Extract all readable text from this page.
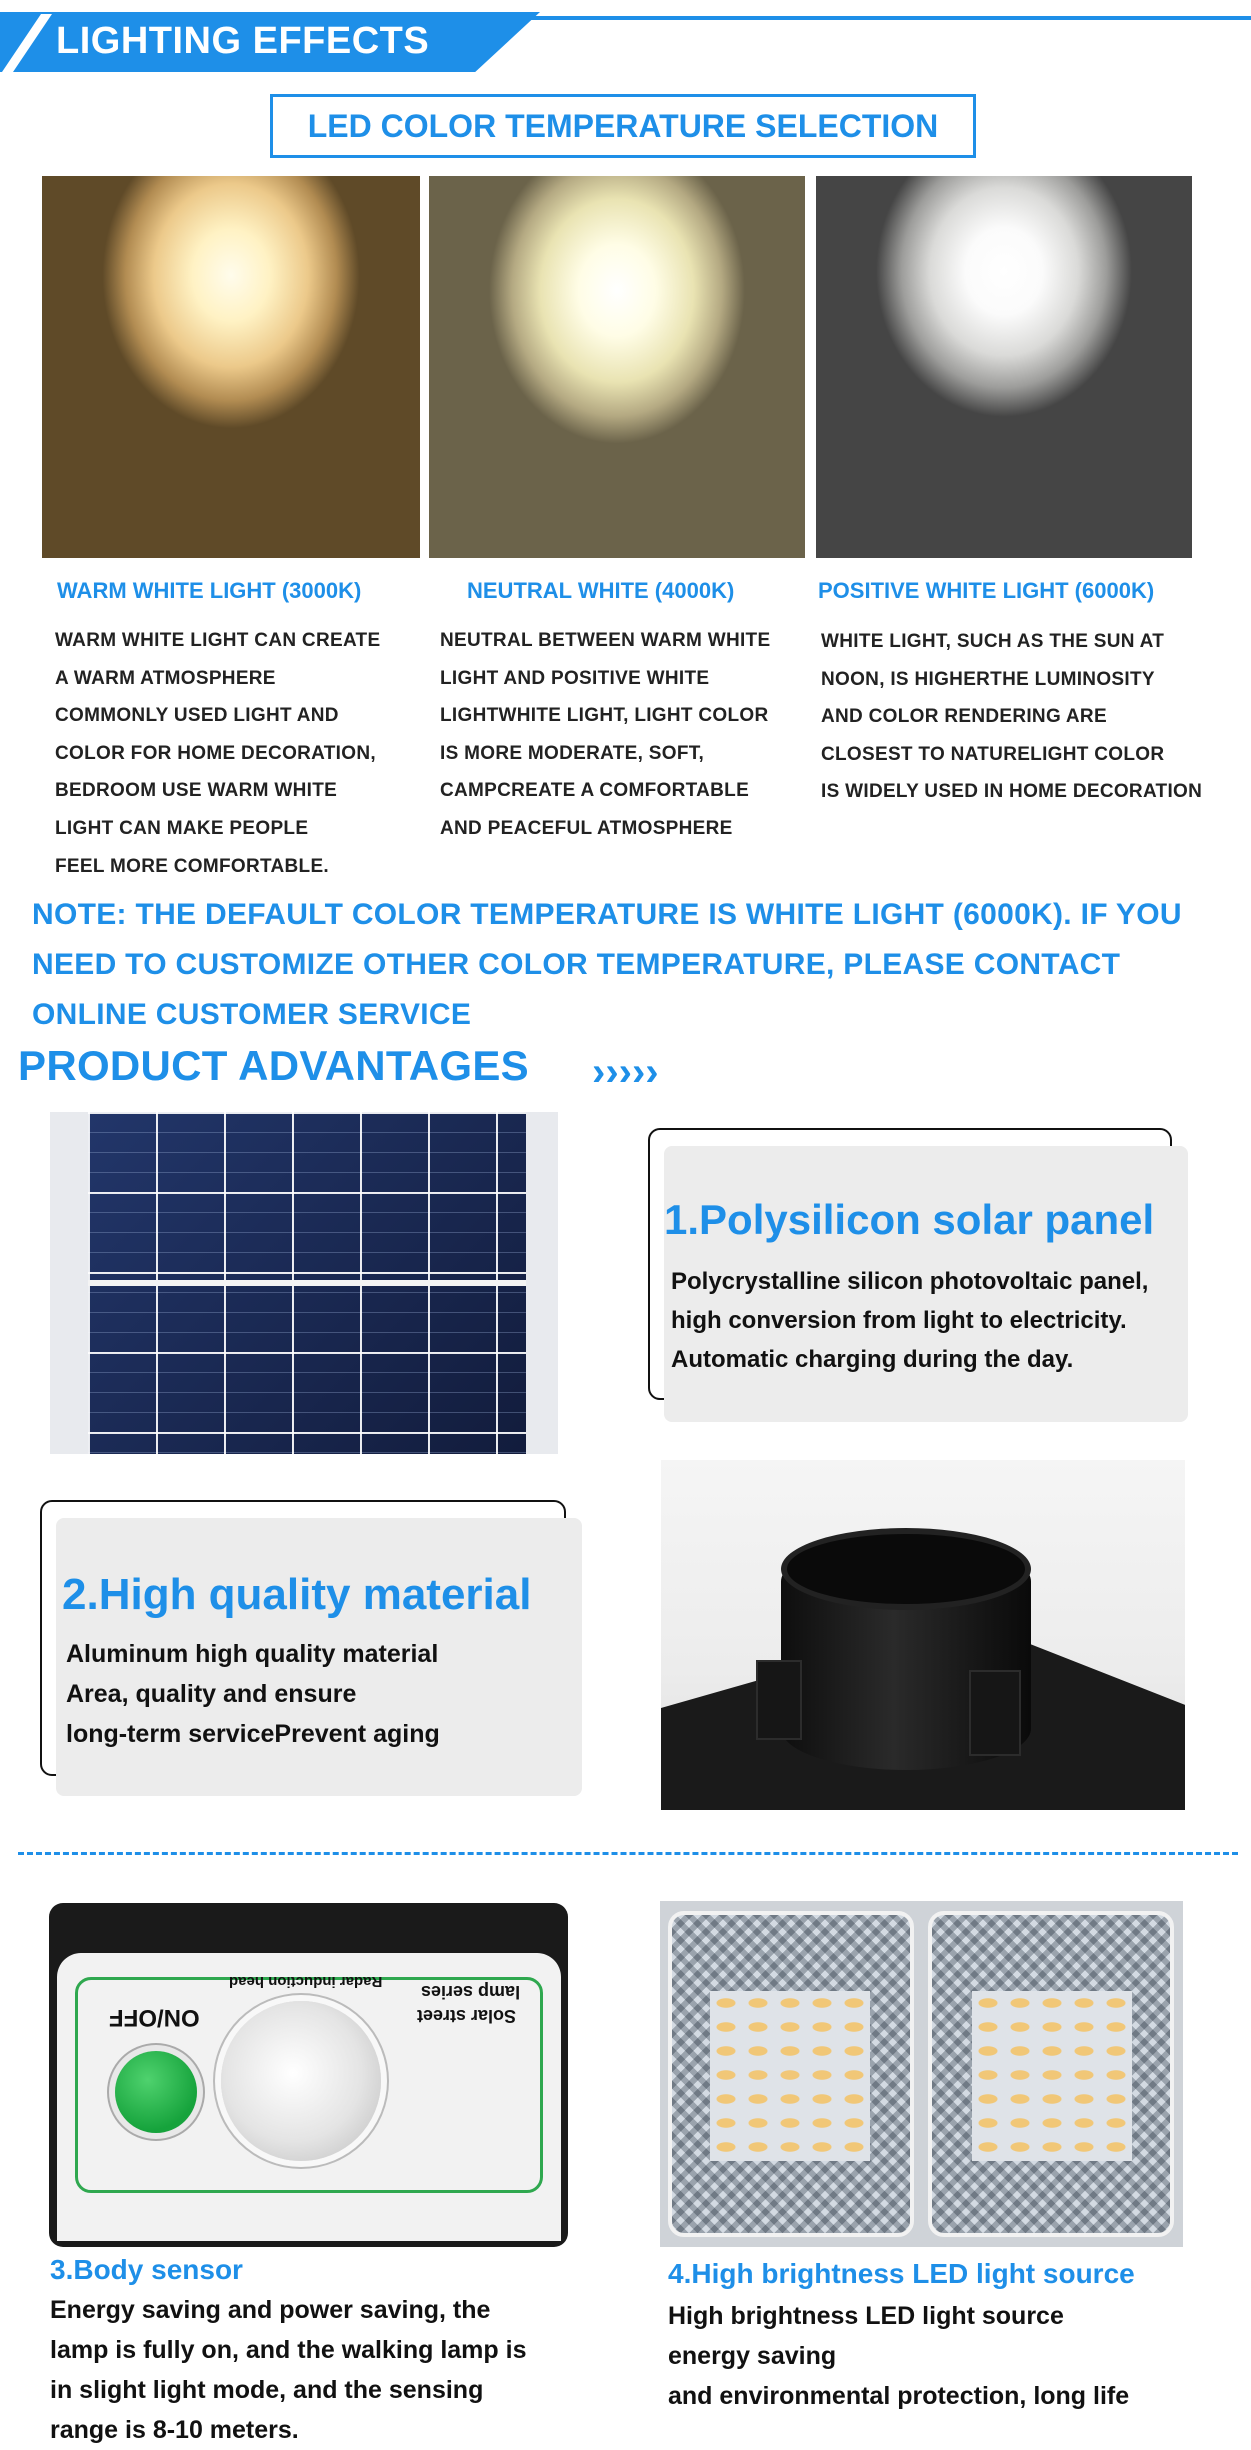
LIGHTING EFFECTS
LED COLOR TEMPERATURE SELECTION
WARM WHITE LIGHT (3000K)	NEUTRAL WHITE (4000K)	POSITIVE WHITE LIGHT (6000K)
WARM WHITE LIGHT CAN CREATE
A WARM ATMOSPHERE
COMMONLY USED LIGHT AND
COLOR FOR HOME DECORATION,
BEDROOM USE WARM WHITE
LIGHT CAN MAKE PEOPLE
FEEL MORE COMFORTABLE.
NEUTRAL BETWEEN WARM WHITE
LIGHT AND POSITIVE WHITE
LIGHTWHITE LIGHT, LIGHT COLOR
IS MORE MODERATE, SOFT,
CAMPCREATE A COMFORTABLE
AND PEACEFUL ATMOSPHERE
WHITE LIGHT, SUCH AS THE SUN AT
NOON, IS HIGHERTHE LUMINOSITY
AND COLOR RENDERING ARE
CLOSEST TO NATURELIGHT COLOR
IS WIDELY USED IN HOME DECORATION
NOTE: THE DEFAULT COLOR TEMPERATURE IS WHITE LIGHT (6000K). IF YOU
NEED TO CUSTOMIZE OTHER COLOR TEMPERATURE, PLEASE CONTACT
ONLINE CUSTOMER SERVICE
PRODUCT ADVANTAGES ›››››
1.Polysilicon solar panel
Polycrystalline silicon photovoltaic panel,
high conversion from light to electricity.
Automatic charging during the day.
2.High quality material
Aluminum high quality material
Area, quality and ensure
long-term servicePrevent aging
ON/OFF
Radar induction head
Solar street
lamp series
3.Body sensor
Energy saving and power saving, the
lamp is fully on, and the walking lamp is
in slight light mode, and the sensing
range is 8-10 meters.
4.High brightness LED light source
High brightness LED light source
energy saving
and environmental protection, long life
